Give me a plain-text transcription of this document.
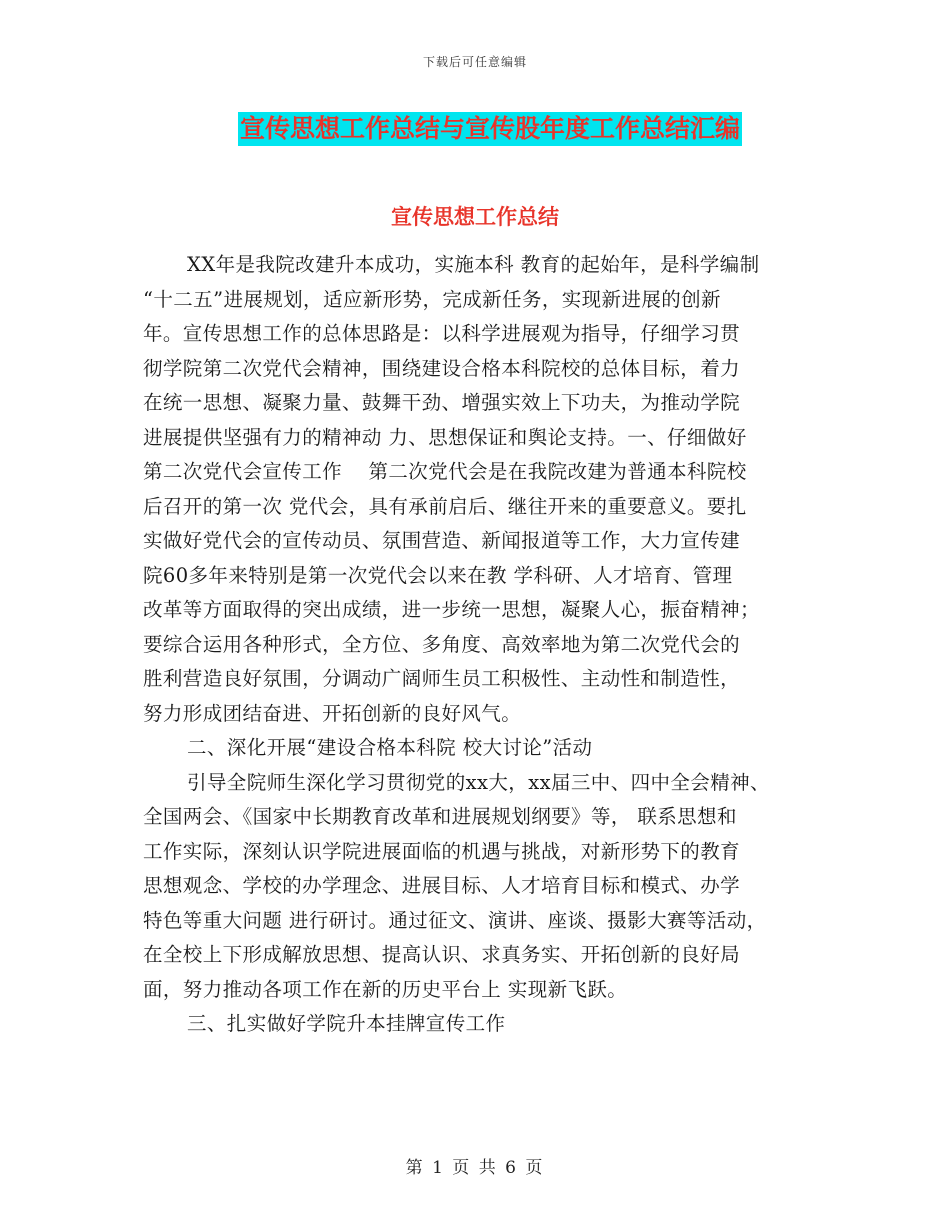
下载后可任意编辑
宣传思想工作总结与宣传股年度工作总结汇编
宣传思想工作总结
XX年是我院改建升本成功，实施本科 教育的起始年，是科学编制
“十二五”进展规划，适应新形势，完成新任务，实现新进展的创新
年。宣传思想工作的总体思路是：以科学进展观为指导，仔细学习贯
彻学院第二次党代会精神，围绕建设合格本科院校的总体目标，着力
在统一思想、凝聚力量、鼓舞干劲、增强实效上下功夫，为推动学院
进展提供坚强有力的精神动 力、思想保证和舆论支持。一、仔细做好
第二次党代会宣传工作　 第二次党代会是在我院改建为普通本科院校
后召开的第一次 党代会，具有承前启后、继往开来的重要意义。要扎
实做好党代会的宣传动员、氛围营造、新闻报道等工作，大力宣传建
院60多年来特别是第一次党代会以来在教 学科研、人才培育、管理
改革等方面取得的突出成绩，进一步统一思想，凝聚人心，振奋精神；
要综合运用各种形式，全方位、多角度、高效率地为第二次党代会的
胜利营造良好氛围，分调动广阔师生员工积极性、主动性和制造性，
努力形成团结奋进、开拓创新的良好风气。
二、深化开展“建设合格本科院 校大讨论”活动
引导全院师生深化学习贯彻党的xx大，xx届三中、四中全会精神、
全国两会、《国家中长期教育改革和进展规划纲要》等， 联系思想和
工作实际，深刻认识学院进展面临的机遇与挑战，对新形势下的教育
思想观念、学校的办学理念、进展目标、人才培育目标和模式、办学
特色等重大问题 进行研讨。通过征文、演讲、座谈、摄影大赛等活动，
在全校上下形成解放思想、提高认识、求真务实、开拓创新的良好局
面，努力推动各项工作在新的历史平台上 实现新飞跃。
三、扎实做好学院升本挂牌宣传工作
第 1 页 共 6 页
